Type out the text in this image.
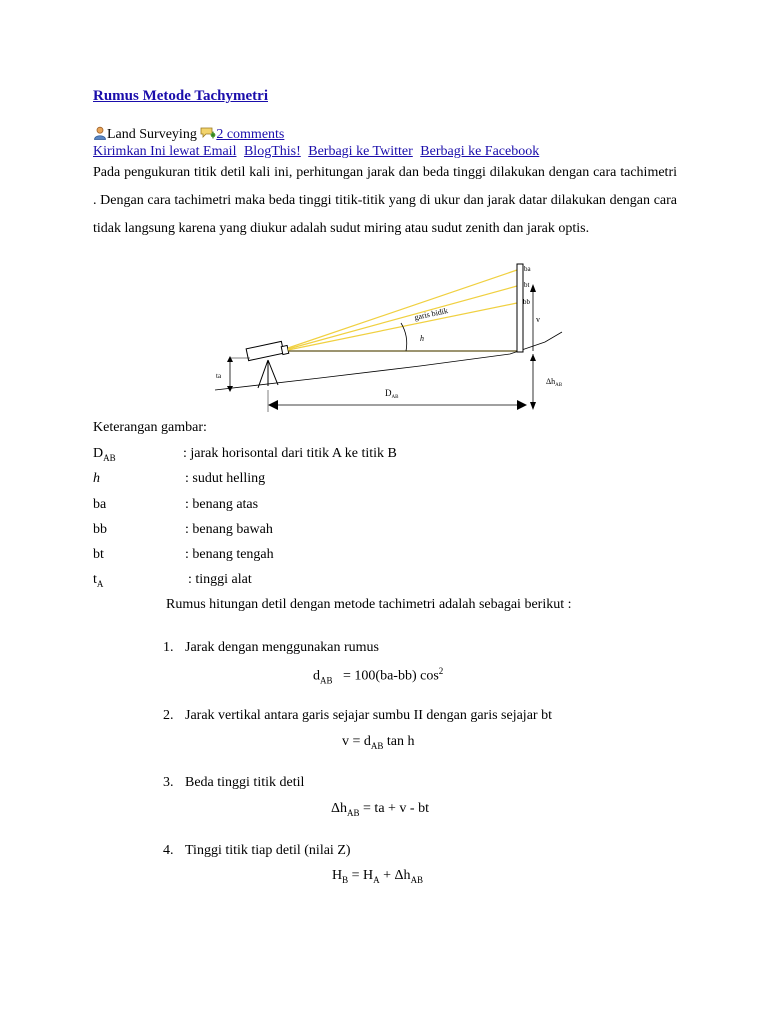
Rumus Metode Tachymetri
Land Surveying 2 comments
Kirimkan Ini lewat Email BlogThis! Berbagi ke Twitter Berbagi ke Facebook
Pada pengukuran titik detil kali ini, perhitungan jarak dan beda tinggi dilakukan dengan cara tachimetri . Dengan cara tachimetri maka beda tinggi titik-titik yang di ukur dan jarak datar dilakukan dengan cara tidak langsung karena yang diukur adalah sudut miring atau sudut zenith dan jarak optis.
h
garis bidik
ba
bt
bb
v
$\Delta h_{AB}$
ta
$D_{AB}$
Keterangan gambar:
$D_{AB}$	: jarak horisontal dari titik A ke titik B
h	: sudut helling
ba	: benang atas
bb	: benang bawah
bt	: benang tengah
$t_A$	: tinggi alat
Rumus hitungan detil dengan metode tachimetri adalah sebagai berikut :
1. Jarak dengan menggunakan rumus
$d_{AB} = 100(ba-bb)$ $\cos^2$
2. Jarak vertikal antara garis sejajar sumbu II dengan garis sejajar bt
$v = d_{AB}$ tan h
3. Beda tinggi titik detil
$\Delta h_{AB}$ = ta + v - bt
4. Tinggi titik tiap detil (nilai Z)
$H_B = H_A + \Delta h_{AB}$
